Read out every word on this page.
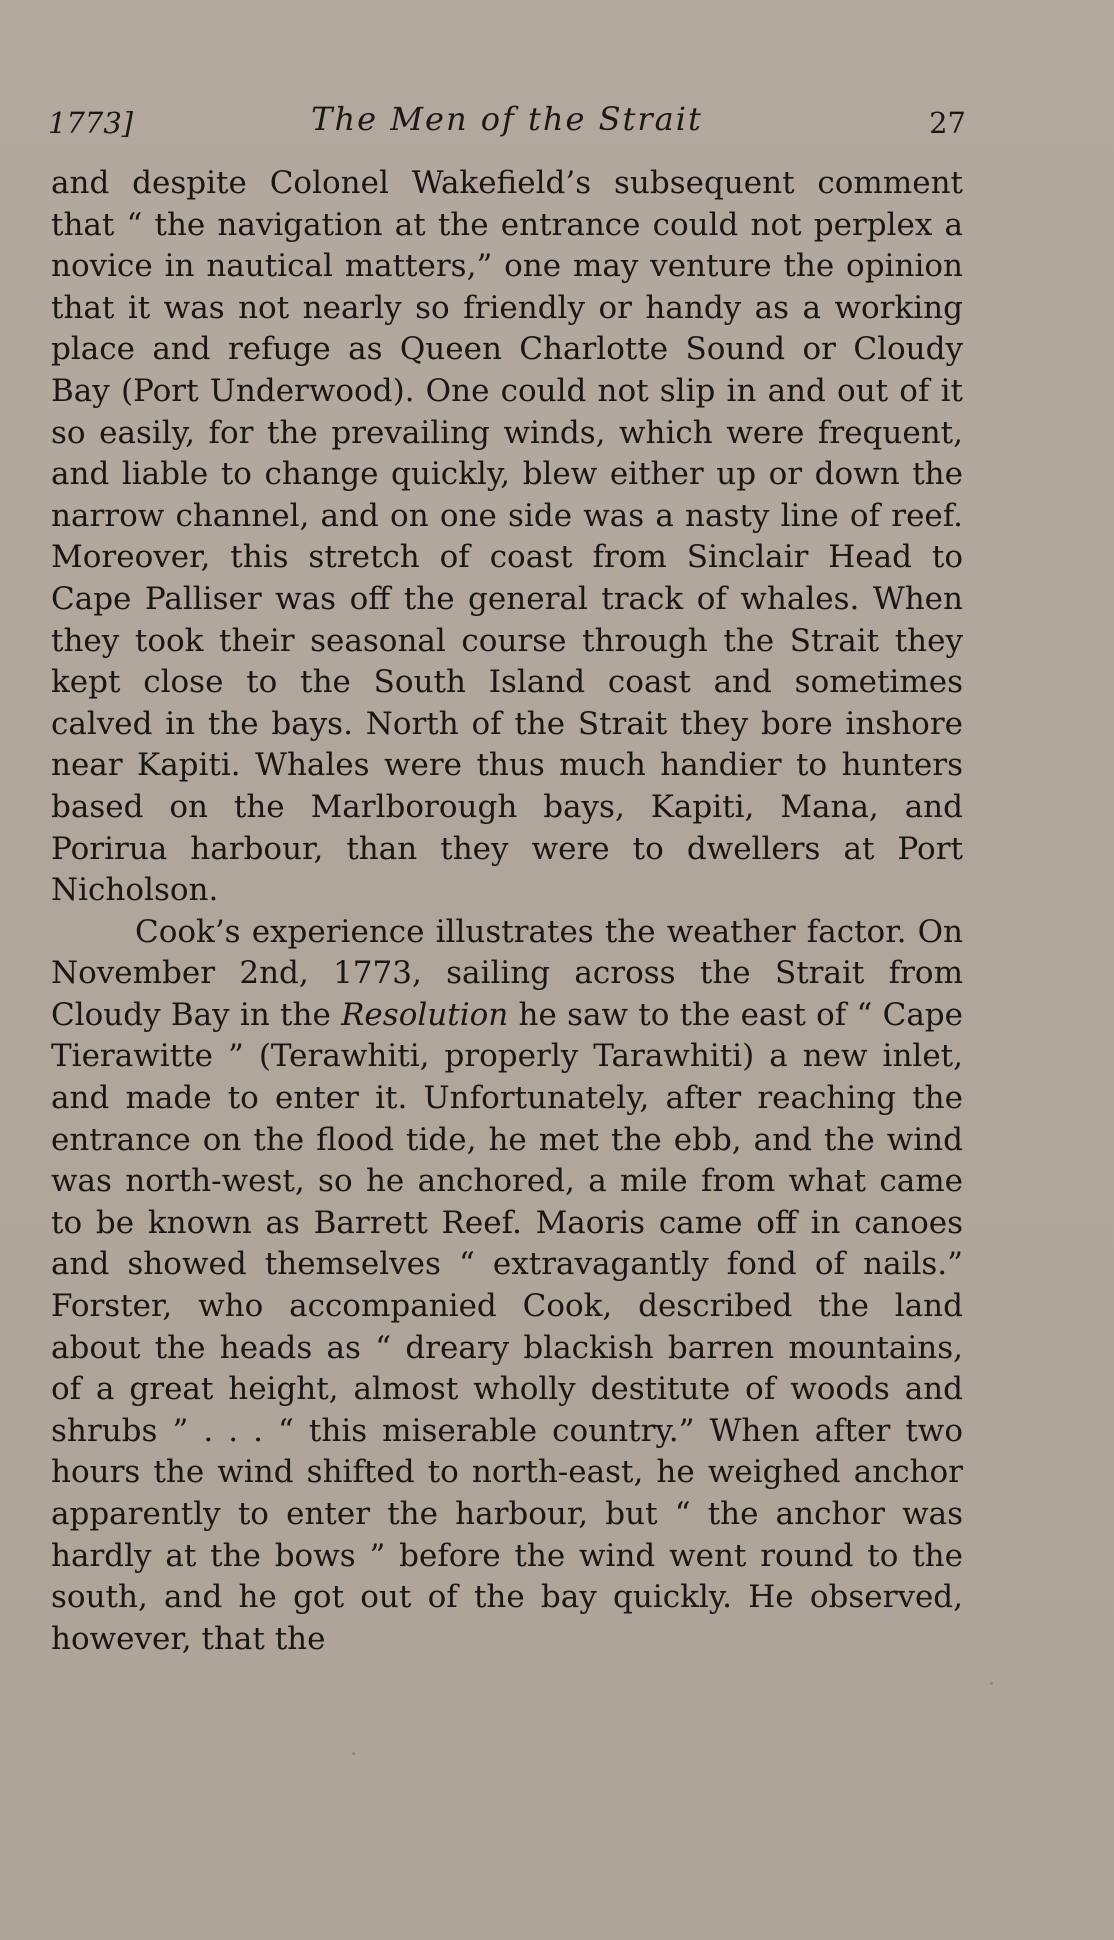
1773]	The Men of the Strait	27

and despite Colonel Wakefield’s subsequent comment that “ the navigation at the entrance could not perplex a novice in nautical matters,” one may venture the opinion that it was not nearly so friendly or handy as a working place and refuge as Queen Charlotte Sound or Cloudy Bay (Port Underwood). One could not slip in and out of it so easily, for the prevailing winds, which were frequent, and liable to change quickly, blew either up or down the narrow channel, and on one side was a nasty line of reef. Moreover, this stretch of coast from Sinclair Head to Cape Palliser was off the general track of whales. When they took their seasonal course through the Strait they kept close to the South Island coast and sometimes calved in the bays. North of the Strait they bore inshore near Kapiti. Whales were thus much handier to hunters based on the Marlborough bays, Kapiti, Mana, and Porirua harbour, than they were to dwellers at Port Nicholson.

Cook’s experience illustrates the weather factor. On November 2nd, 1773, sailing across the Strait from Cloudy Bay in the Resolution he saw to the east of “ Cape Tierawitte ” (Terawhiti, properly Tarawhiti) a new inlet, and made to enter it. Unfortunately, after reaching the entrance on the flood tide, he met the ebb, and the wind was north-west, so he anchored, a mile from what came to be known as Barrett Reef. Maoris came off in canoes and showed themselves “ extravagantly fond of nails.” Forster, who accompanied Cook, described the land about the heads as “ dreary blackish barren mountains, of a great height, almost wholly destitute of woods and shrubs ” . . . “ this miserable country.” When after two hours the wind shifted to north-east, he weighed anchor apparently to enter the harbour, but “ the anchor was hardly at the bows ” before the wind went round to the south, and he got out of the bay quickly. He observed, however, that the
